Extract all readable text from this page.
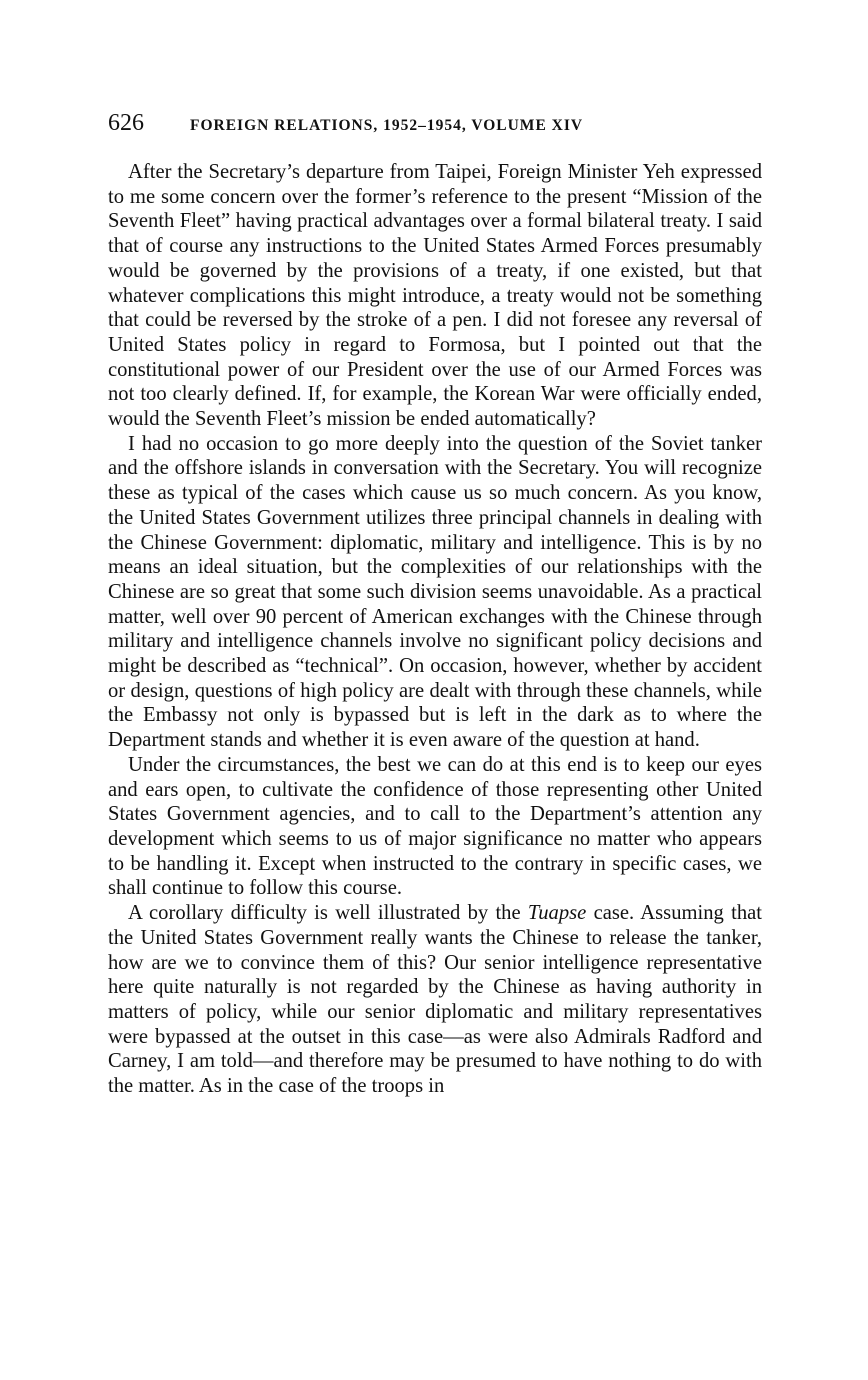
626	FOREIGN RELATIONS, 1952–1954, VOLUME XIV

After the Secretary’s departure from Taipei, Foreign Minister Yeh expressed to me some concern over the former’s reference to the present “Mission of the Seventh Fleet” having practical advantages over a formal bilateral treaty. I said that of course any instructions to the United States Armed Forces presumably would be governed by the provisions of a treaty, if one existed, but that whatever complications this might introduce, a treaty would not be something that could be reversed by the stroke of a pen. I did not foresee any reversal of United States policy in regard to Formosa, but I pointed out that the constitutional power of our President over the use of our Armed Forces was not too clearly defined. If, for example, the Korean War were officially ended, would the Seventh Fleet’s mission be ended automatically?

I had no occasion to go more deeply into the question of the Soviet tanker and the offshore islands in conversation with the Secretary. You will recognize these as typical of the cases which cause us so much concern. As you know, the United States Government utilizes three principal channels in dealing with the Chinese Government: diplomatic, military and intelligence. This is by no means an ideal situation, but the complexities of our relationships with the Chinese are so great that some such division seems unavoidable. As a practical matter, well over 90 percent of American exchanges with the Chinese through military and intelligence channels involve no significant policy decisions and might be described as “technical”. On occasion, however, whether by accident or design, questions of high policy are dealt with through these channels, while the Embassy not only is bypassed but is left in the dark as to where the Department stands and whether it is even aware of the question at hand.

Under the circumstances, the best we can do at this end is to keep our eyes and ears open, to cultivate the confidence of those representing other United States Government agencies, and to call to the Department’s attention any development which seems to us of major significance no matter who appears to be handling it. Except when instructed to the contrary in specific cases, we shall continue to follow this course.

A corollary difficulty is well illustrated by the Tuapse case. Assuming that the United States Government really wants the Chinese to release the tanker, how are we to convince them of this? Our senior intelligence representative here quite naturally is not regarded by the Chinese as having authority in matters of policy, while our senior diplomatic and military representatives were bypassed at the outset in this case—as were also Admirals Radford and Carney, I am told—and therefore may be presumed to have nothing to do with the matter. As in the case of the troops in
